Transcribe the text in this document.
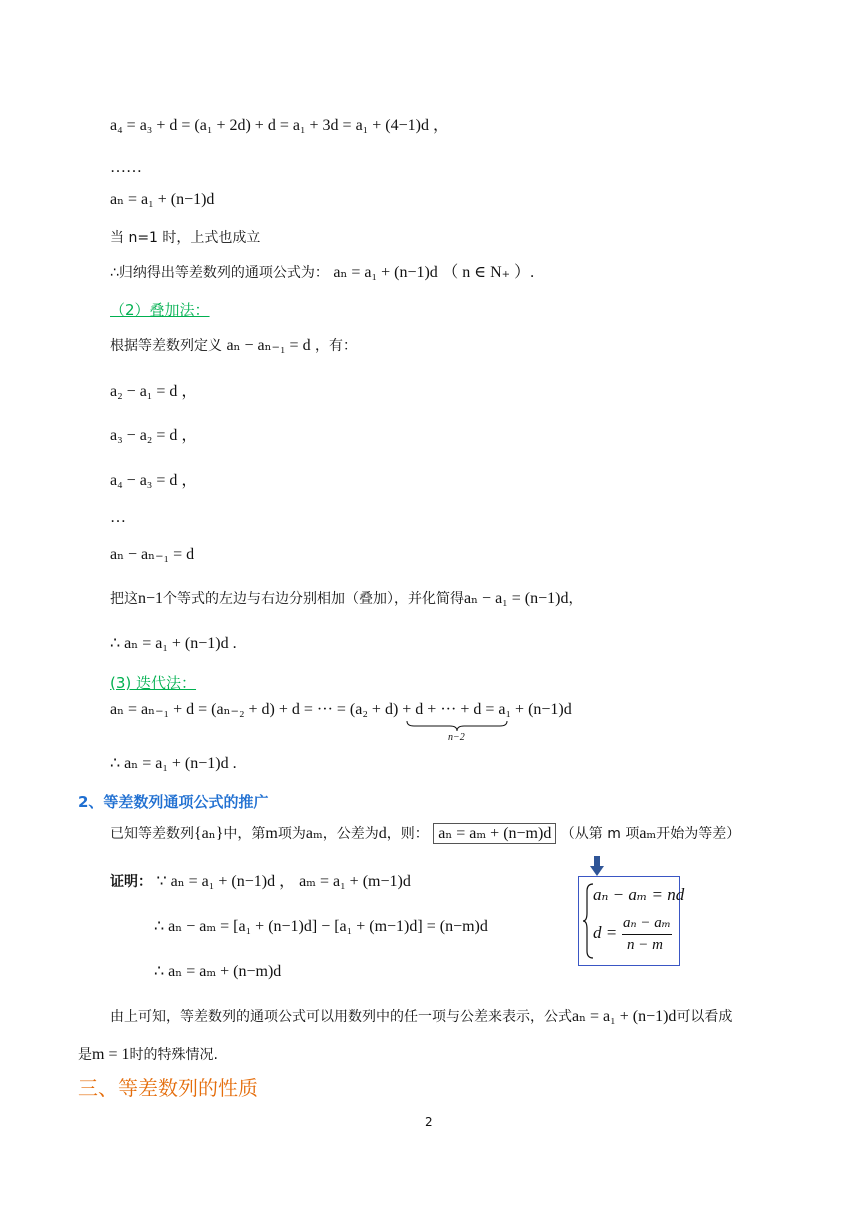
a₄ = a₃ + d = (a₁ + 2d) + d = a₁ + 3d = a₁ + (4−1)d ，
……
aₙ = a₁ + (n−1)d
当 n=1 时，上式也成立
∴归纳得出等差数列的通项公式为： aₙ = a₁ + (n−1)d （ n ∈ N₊ ）.
（2）叠加法：
根据等差数列定义 aₙ − aₙ₋₁ = d ，有：
a₂ − a₁ = d ，
a₃ − a₂ = d ，
a₄ − a₃ = d ，
…
aₙ − aₙ₋₁ = d
把这n−1个等式的左边与右边分别相加（叠加），并化简得aₙ − a₁ = (n−1)d，
∴ aₙ = a₁ + (n−1)d .
(3) 迭代法：
aₙ = aₙ₋₁ + d = (aₙ₋₂ + d) + d = ··· = (a₂ + d) + d + ··· + d = a₁ + (n−1)d
n−2
∴ aₙ = a₁ + (n−1)d .
2、等差数列通项公式的推广
已知等差数列{aₙ}中，第m项为aₘ，公差为d，则： aₙ = aₘ + (n−m)d （从第 m 项aₘ开始为等差）
证明： ∵ aₙ = a₁ + (n−1)d ， aₘ = a₁ + (m−1)d
∴ aₙ − aₘ = [a₁ + (n−1)d] − [a₁ + (m−1)d] = (n−m)d
∴ aₙ = aₘ + (n−m)d
aₙ − aₘ = nd
d = aₙ − aₘ
n − m
由上可知，等差数列的通项公式可以用数列中的任一项与公差来表示，公式aₙ = a₁ + (n−1)d可以看成
是m = 1时的特殊情况.
三、等差数列的性质
2
